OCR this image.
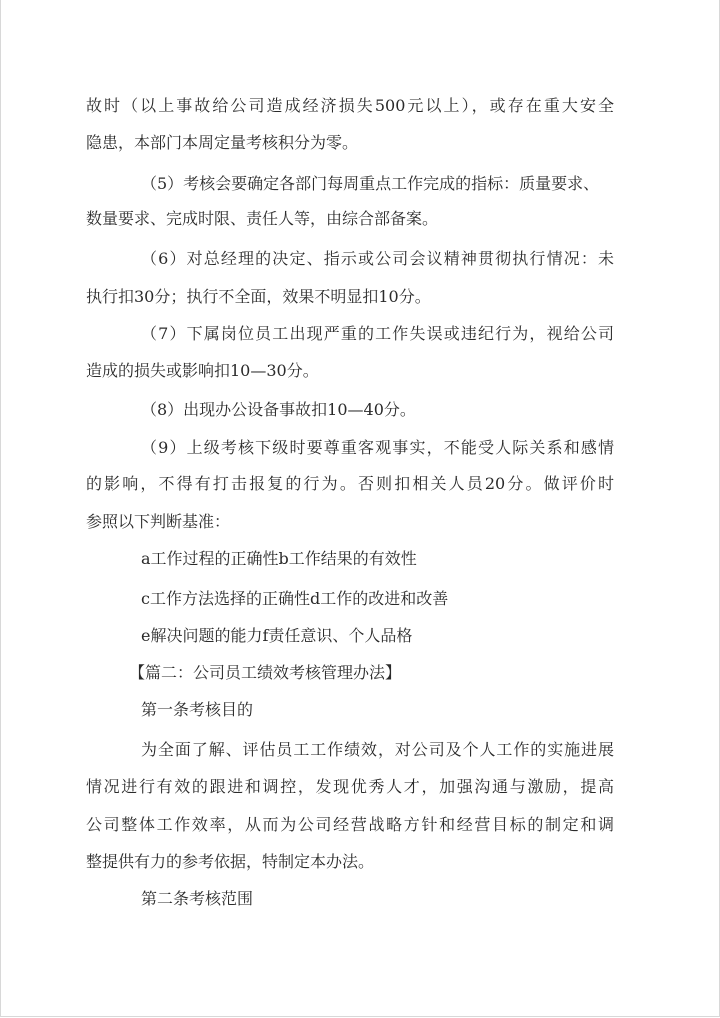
故时（以上事故给公司造成经济损失500元以上），或存在重大安全
隐患，本部门本周定量考核积分为零。
（5）考核会要确定各部门每周重点工作完成的指标：质量要求、
数量要求、完成时限、责任人等，由综合部备案。
（6）对总经理的决定、指示或公司会议精神贯彻执行情况：未
执行扣30分；执行不全面，效果不明显扣10分。
（7）下属岗位员工出现严重的工作失误或违纪行为，视给公司
造成的损失或影响扣10—30分。
（8）出现办公设备事故扣10—40分。
（9）上级考核下级时要尊重客观事实，不能受人际关系和感情
的影响，不得有打击报复的行为。否则扣相关人员20分。做评价时
参照以下判断基准：
a工作过程的正确性b工作结果的有效性
c工作方法选择的正确性d工作的改进和改善
e解决问题的能力f责任意识、个人品格
【篇二：公司员工绩效考核管理办法】
第一条考核目的
为全面了解、评估员工工作绩效，对公司及个人工作的实施进展
情况进行有效的跟进和调控，发现优秀人才，加强沟通与激励，提高
公司整体工作效率，从而为公司经营战略方针和经营目标的制定和调
整提供有力的参考依据，特制定本办法。
第二条考核范围
